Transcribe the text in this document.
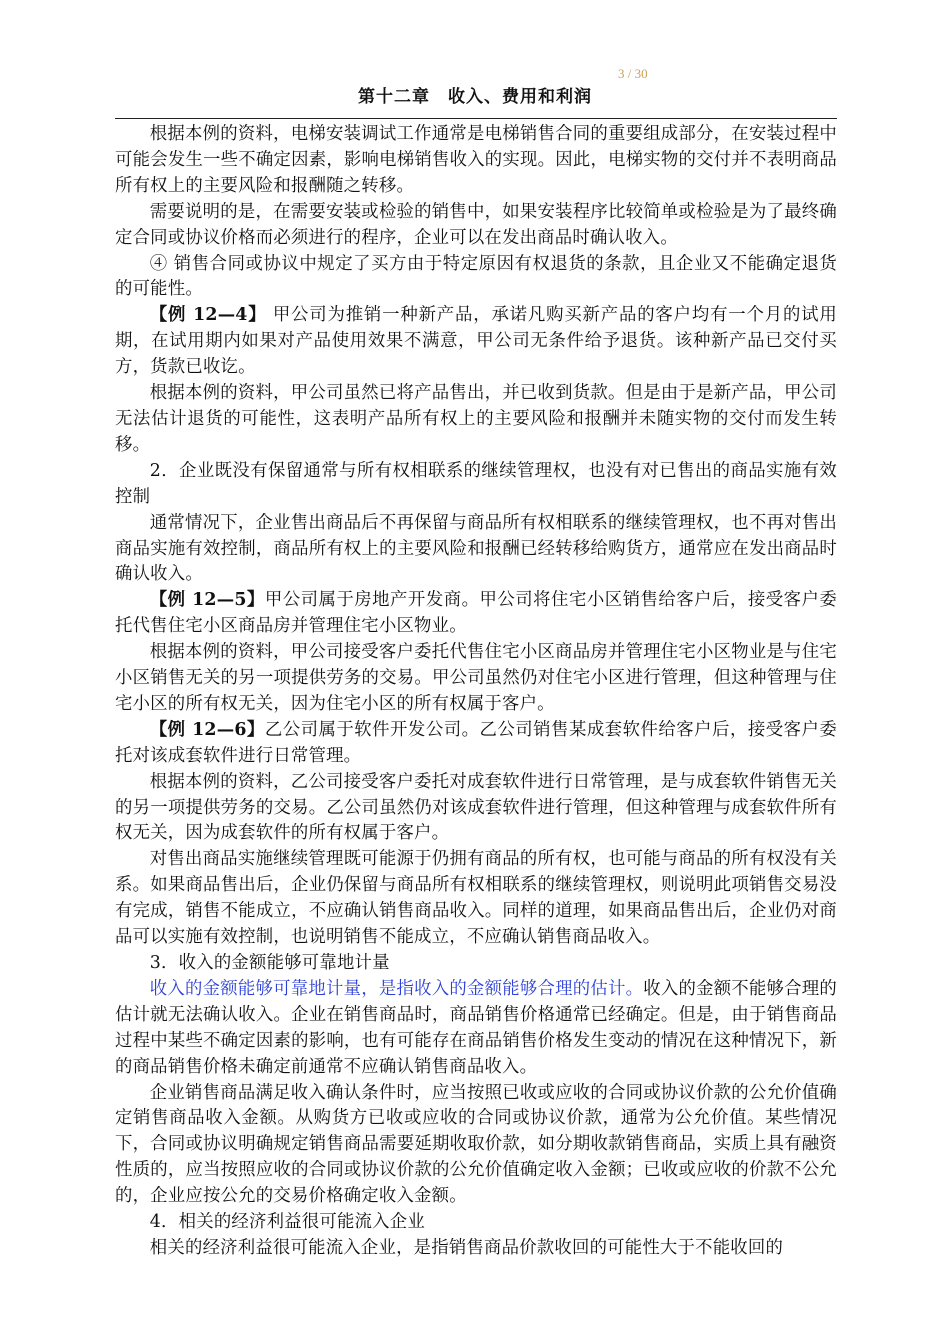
3 / 30
第十二章　收入、费用和利润

根据本例的资料，电梯安装调试工作通常是电梯销售合同的重要组成部分，在安装过程中可能会发生一些不确定因素，影响电梯销售收入的实现。因此，电梯实物的交付并不表明商品所有权上的主要风险和报酬随之转移。

需要说明的是，在需要安装或检验的销售中，如果安装程序比较简单或检验是为了最终确定合同或协议价格而必须进行的程序，企业可以在发出商品时确认收入。

④ 销售合同或协议中规定了买方由于特定原因有权退货的条款，且企业又不能确定退货的可能性。

【例 12—4】 甲公司为推销一种新产品，承诺凡购买新产品的客户均有一个月的试用期，在试用期内如果对产品使用效果不满意，甲公司无条件给予退货。该种新产品已交付买方，货款已收讫。

根据本例的资料，甲公司虽然已将产品售出，并已收到货款。但是由于是新产品，甲公司无法估计退货的可能性，这表明产品所有权上的主要风险和报酬并未随实物的交付而发生转移。

2．企业既没有保留通常与所有权相联系的继续管理权，也没有对已售出的商品实施有效控制

通常情况下，企业售出商品后不再保留与商品所有权相联系的继续管理权，也不再对售出商品实施有效控制，商品所有权上的主要风险和报酬已经转移给购货方，通常应在发出商品时确认收入。

【例 12—5】甲公司属于房地产开发商。甲公司将住宅小区销售给客户后，接受客户委托代售住宅小区商品房并管理住宅小区物业。

根据本例的资料，甲公司接受客户委托代售住宅小区商品房并管理住宅小区物业是与住宅小区销售无关的另一项提供劳务的交易。甲公司虽然仍对住宅小区进行管理，但这种管理与住宅小区的所有权无关，因为住宅小区的所有权属于客户。

【例 12—6】乙公司属于软件开发公司。乙公司销售某成套软件给客户后，接受客户委托对该成套软件进行日常管理。

根据本例的资料，乙公司接受客户委托对成套软件进行日常管理，是与成套软件销售无关的另一项提供劳务的交易。乙公司虽然仍对该成套软件进行管理，但这种管理与成套软件所有权无关，因为成套软件的所有权属于客户。

对售出商品实施继续管理既可能源于仍拥有商品的所有权，也可能与商品的所有权没有关系。如果商品售出后，企业仍保留与商品所有权相联系的继续管理权，则说明此项销售交易没有完成，销售不能成立，不应确认销售商品收入。同样的道理，如果商品售出后，企业仍对商品可以实施有效控制，也说明销售不能成立，不应确认销售商品收入。

3．收入的金额能够可靠地计量

收入的金额能够可靠地计量，是指收入的金额能够合理的估计。收入的金额不能够合理的估计就无法确认收入。企业在销售商品时，商品销售价格通常已经确定。但是，由于销售商品过程中某些不确定因素的影响，也有可能存在商品销售价格发生变动的情况在这种情况下，新的商品销售价格未确定前通常不应确认销售商品收入。

企业销售商品满足收入确认条件时，应当按照已收或应收的合同或协议价款的公允价值确定销售商品收入金额。从购货方已收或应收的合同或协议价款，通常为公允价值。某些情况下，合同或协议明确规定销售商品需要延期收取价款，如分期收款销售商品，实质上具有融资性质的，应当按照应收的合同或协议价款的公允价值确定收入金额；已收或应收的价款不公允的，企业应按公允的交易价格确定收入金额。

4．相关的经济利益很可能流入企业

相关的经济利益很可能流入企业，是指销售商品价款收回的可能性大于不能收回的
